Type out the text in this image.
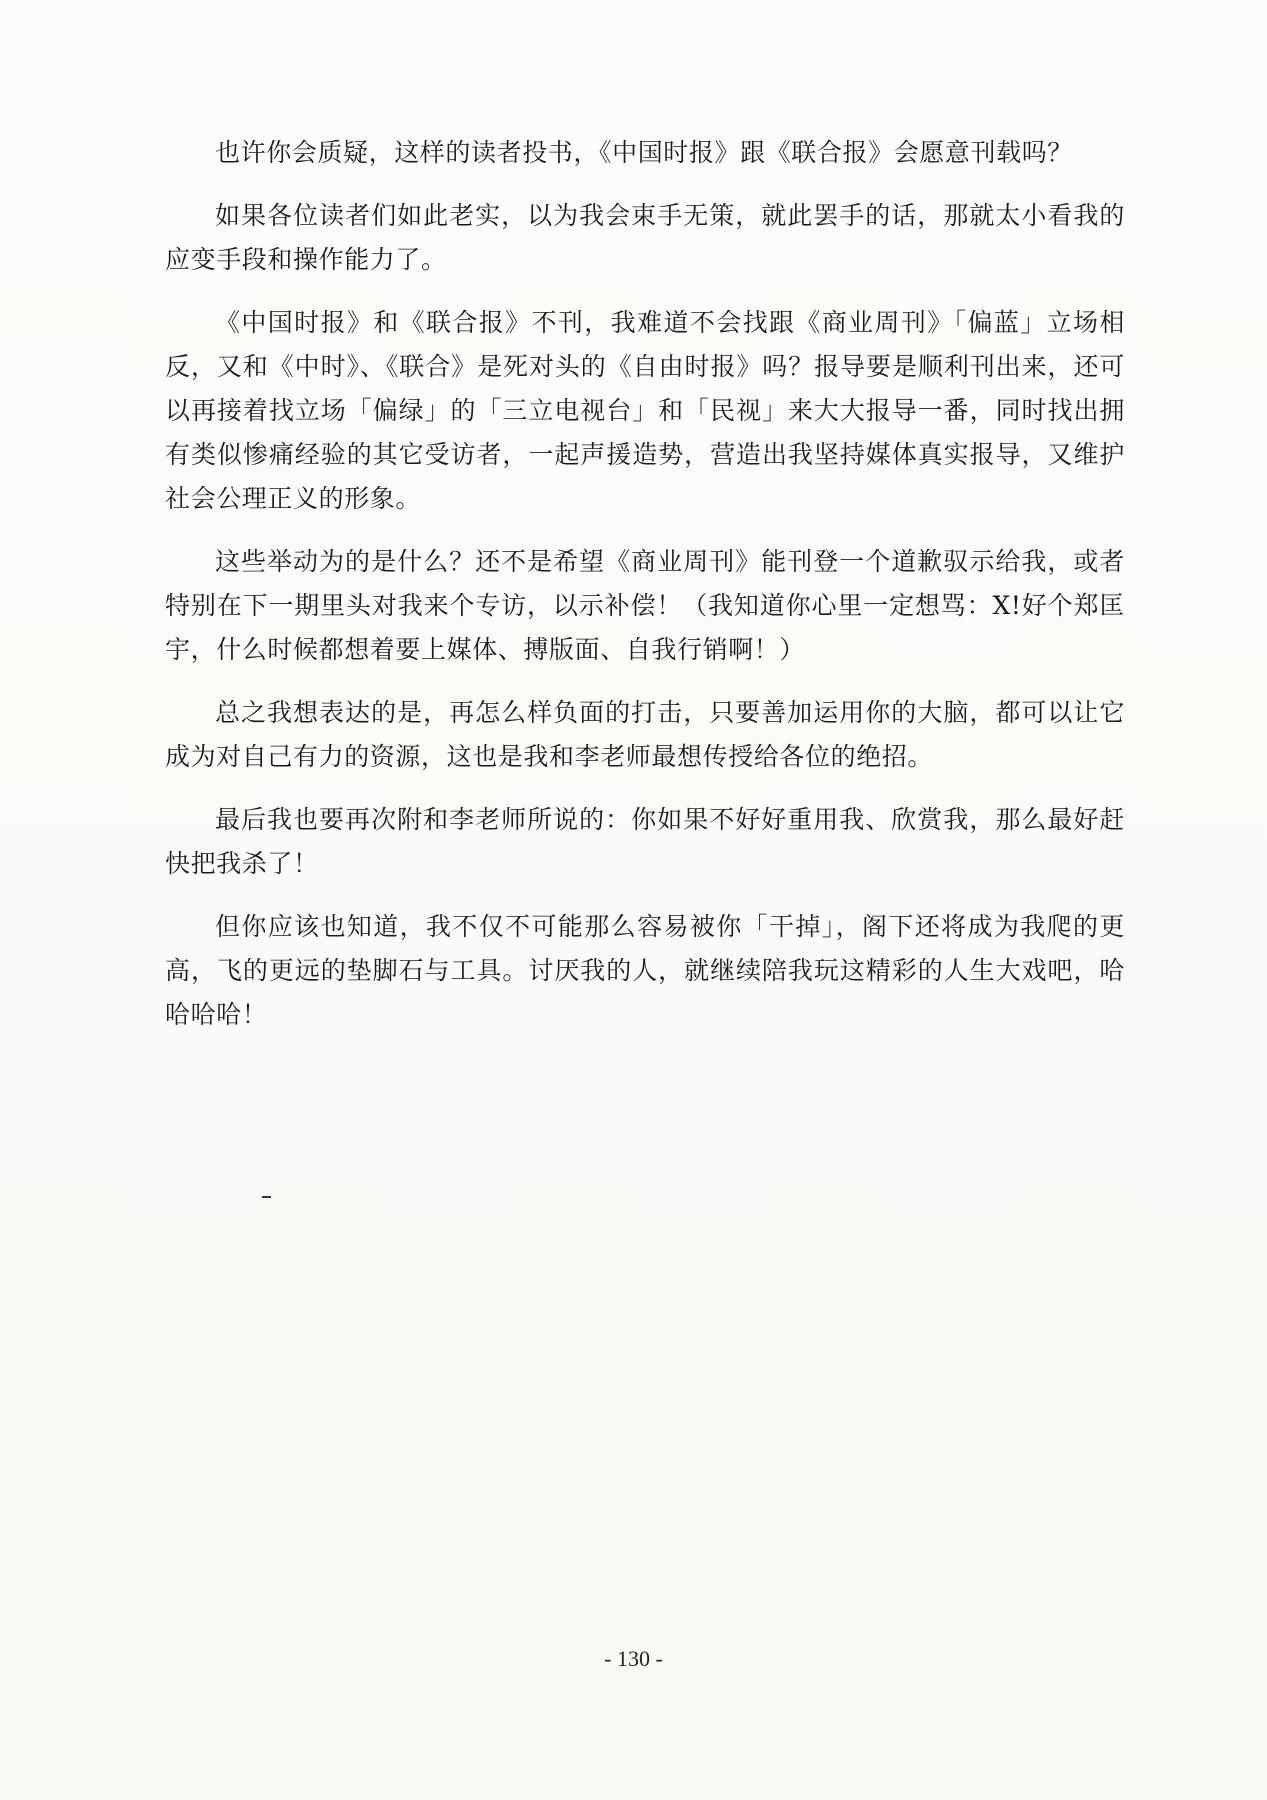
也许你会质疑，这样的读者投书，《中国时报》跟《联合报》会愿意刊载吗？

如果各位读者们如此老实，以为我会束手无策，就此罢手的话，那就太小看我的应变手段和操作能力了。

《中国时报》和《联合报》不刊，我难道不会找跟《商业周刊》「偏蓝」立场相反，又和《中时》、《联合》是死对头的《自由时报》吗？报导要是顺利刊出来，还可以再接着找立场「偏绿」的「三立电视台」和「民视」来大大报导一番，同时找出拥有类似惨痛经验的其它受访者，一起声援造势，营造出我坚持媒体真实报导，又维护社会公理正义的形象。

这些举动为的是什么？还不是希望《商业周刊》能刊登一个道歉驭示给我，或者特别在下一期里头对我来个专访，以示补偿！（我知道你心里一定想骂：X!好个郑匡宇，什么时候都想着要上媒体、搏版面、自我行销啊！）

总之我想表达的是，再怎么样负面的打击，只要善加运用你的大脑，都可以让它成为对自己有力的资源，这也是我和李老师最想传授给各位的绝招。

最后我也要再次附和李老师所说的：你如果不好好重用我、欣赏我，那么最好赶快把我杀了！

但你应该也知道，我不仅不可能那么容易被你「干掉」，阁下还将成为我爬的更高，飞的更远的垫脚石与工具。讨厌我的人，就继续陪我玩这精彩的人生大戏吧，哈哈哈哈！

- 130 -
